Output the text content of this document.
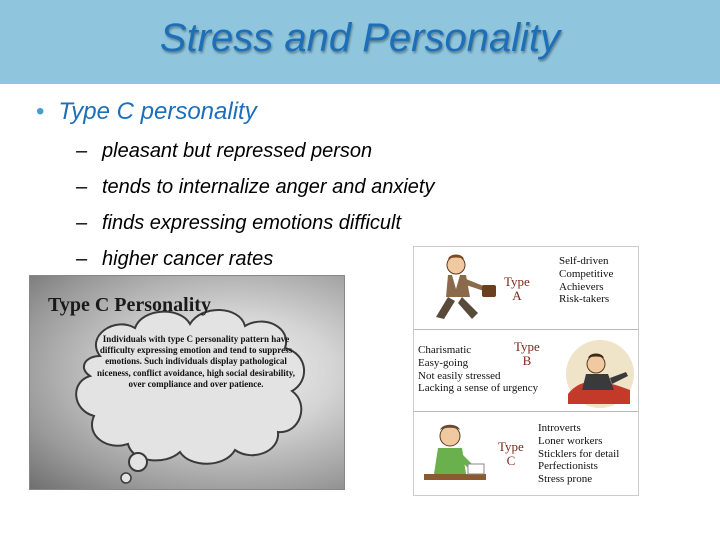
Stress and Personality
• Type C personality
– pleasant but repressed person
– tends to internalize anger and anxiety
– finds expressing emotions difficult
– higher cancer rates
Type C Personality
Individuals with type C personality pattern have difficulty expressing emotion and tend to suppress emotions. Such individuals display pathological niceness, conflict avoidance, high social desirability, over compliance and over patience.
Type
A
Self-driven
Competitive
Achievers
Risk-takers
Charismatic
Easy-going
Not easily stressed
Lacking a sense of urgency
Type
B
Type
C
Introverts
Loner workers
Sticklers for detail
Perfectionists
Stress prone
